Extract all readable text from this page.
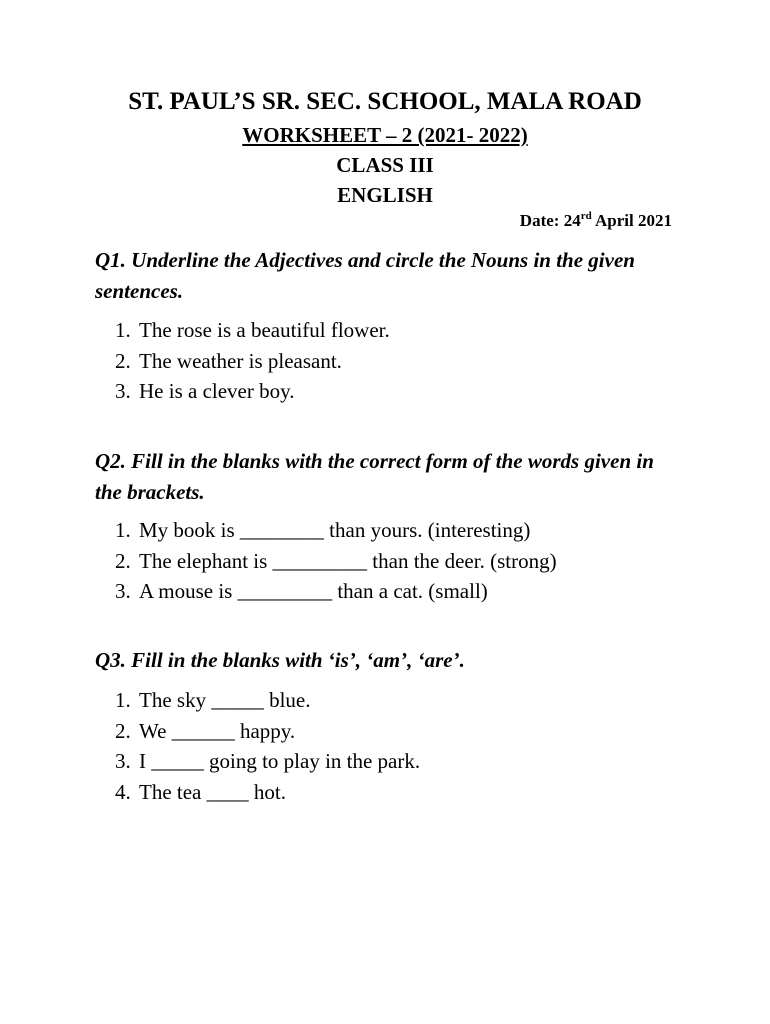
ST. PAUL’S SR. SEC. SCHOOL, MALA ROAD
WORKSHEET – 2 (2021- 2022)
CLASS III
ENGLISH
Date: 24rd April 2021
Q1. Underline the Adjectives and circle the Nouns in the given sentences.
1. The rose is a beautiful flower.
2. The weather is pleasant.
3. He is a clever boy.
Q2. Fill in the blanks with the correct form of the words given in the brackets.
1. My book is ________ than yours. (interesting)
2. The elephant is _________ than the deer. (strong)
3. A mouse is _________ than a cat. (small)
Q3. Fill in the blanks with ‘is’, ‘am’, ‘are’.
1. The sky _____ blue.
2. We ______ happy.
3. I _____ going to play in the park.
4. The tea ____ hot.
